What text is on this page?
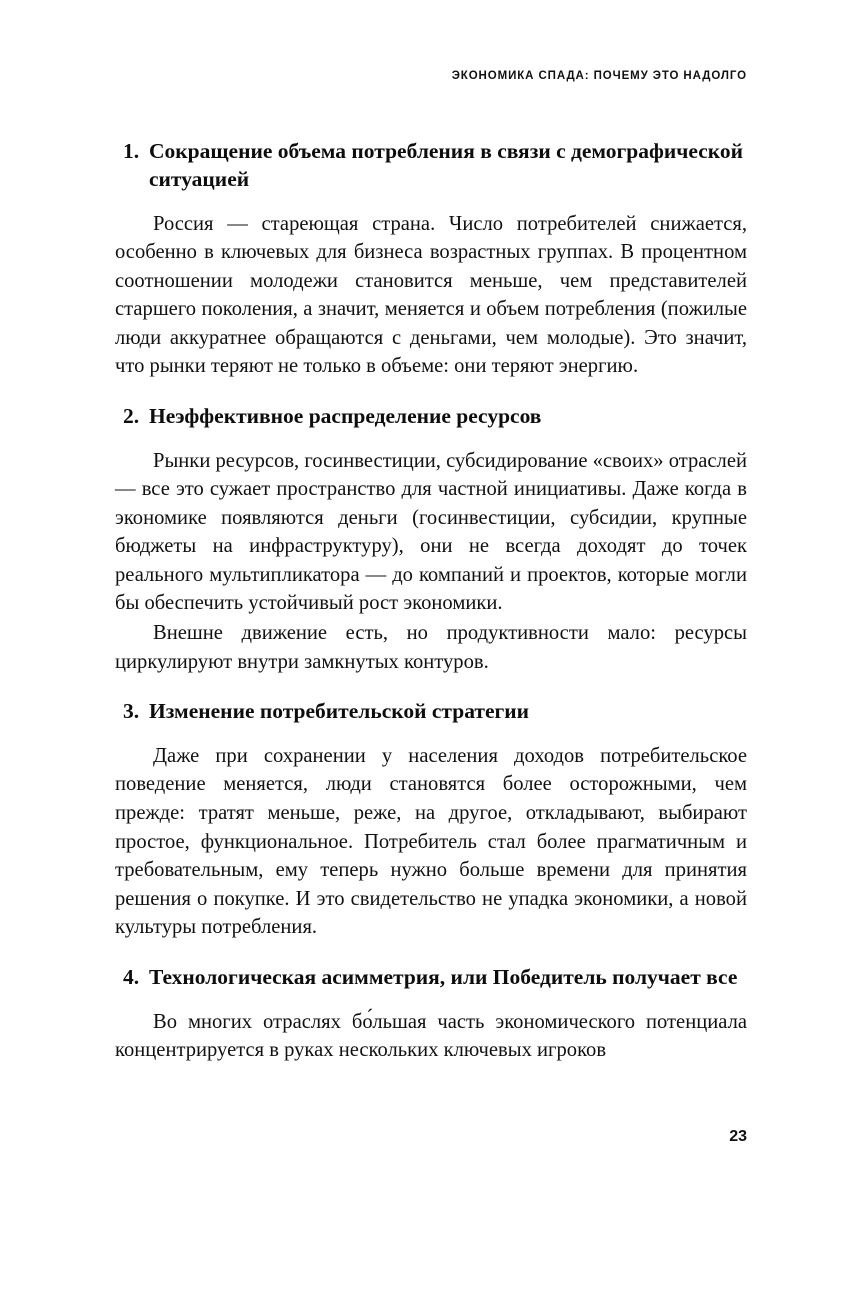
ЭКОНОМИКА СПАДА: ПОЧЕМУ ЭТО НАДОЛГО
1. Сокращение объема потребления в связи с демографической ситуацией

Россия — стареющая страна. Число потребителей снижается, особенно в ключевых для бизнеса возрастных группах. В процентном соотношении молодежи становится меньше, чем представителей старшего поколения, а значит, меняется и объем потребления (пожилые люди аккуратнее обращаются с деньгами, чем молодые). Это значит, что рынки теряют не только в объеме: они теряют энергию.

2. Неэффективное распределение ресурсов

Рынки ресурсов, госинвестиции, субсидирование «своих» отраслей — все это сужает пространство для частной инициативы. Даже когда в экономике появляются деньги (госинвестиции, субсидии, крупные бюджеты на инфраструктуру), они не всегда доходят до точек реального мультипликатора — до компаний и проектов, которые могли бы обеспечить устойчивый рост экономики.

Внешне движение есть, но продуктивности мало: ресурсы циркулируют внутри замкнутых контуров.

3. Изменение потребительской стратегии

Даже при сохранении у населения доходов потребительское поведение меняется, люди становятся более осторожными, чем прежде: тратят меньше, реже, на другое, откладывают, выбирают простое, функциональное. Потребитель стал более прагматичным и требовательным, ему теперь нужно больше времени для принятия решения о покупке. И это свидетельство не упадка экономики, а новой культуры потребления.

4. Технологическая асимметрия, или Победитель получает все

Во многих отраслях бо́льшая часть экономического потенциала концентрируется в руках нескольких ключевых игроков

23
